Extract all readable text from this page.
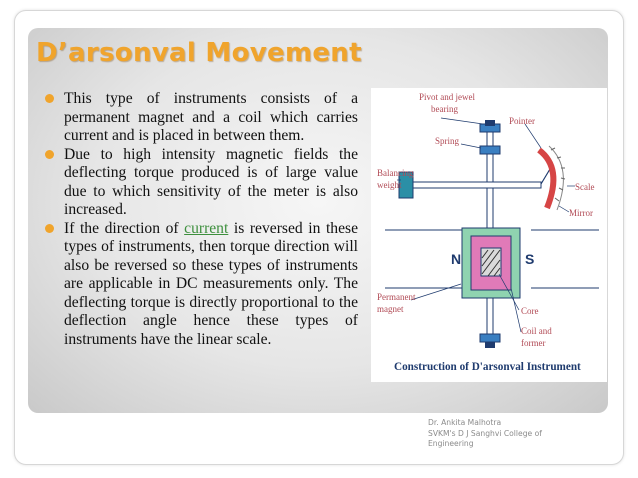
D’arsonval Movement
This type of instruments consists of a permanent magnet and a coil which carries current and is placed in between them.
Due to high intensity magnetic fields the deflecting torque produced is of large value due to which sensitivity of the meter is also increased.
If the direction of current is reversed in these types of instruments, then torque direction will also be reversed so these types of instruments are applicable in DC measurements only. The deflecting torque is directly proportional to the deflection angle hence these types of instruments have the linear scale.
Pivot and jewel
bearing
Pointer
Spring
Balancing
weight	Scale
Mirror
N	S
Permanent
magnet	Core
Coil and
former
Construction of D'arsonval Instrument
Dr. Ankita Malhotra
SVKM's D J Sanghvi College of
Engineering
